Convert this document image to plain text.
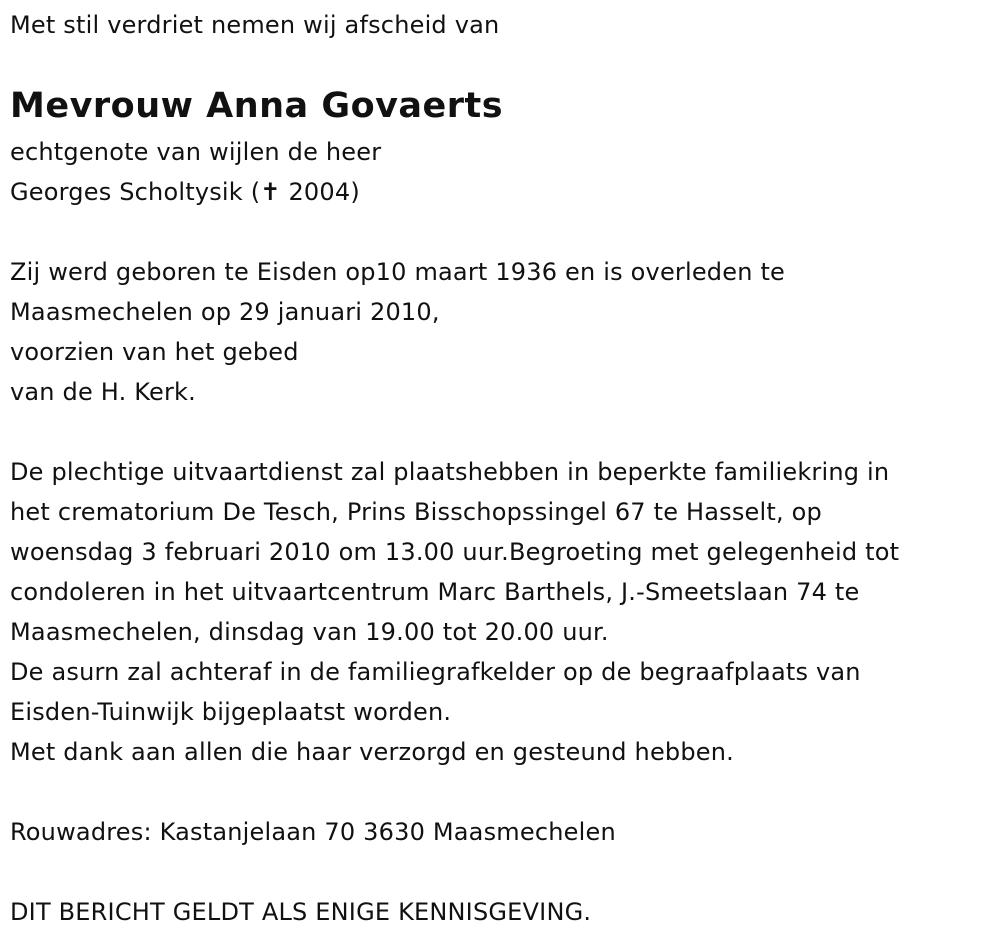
Met stil verdriet nemen wij afscheid van
Mevrouw Anna Govaerts
echtgenote van wijlen de heer
Georges Scholtysik (✝ 2004)
Zij werd geboren te Eisden op10 maart 1936 en is overleden te
Maasmechelen op 29 januari 2010,
voorzien van het gebed
van de H. Kerk.
De plechtige uitvaartdienst zal plaatshebben in beperkte familiekring in
het crematorium De Tesch, Prins Bisschopssingel 67 te Hasselt, op
woensdag 3 februari 2010 om 13.00 uur.Begroeting met gelegenheid tot
condoleren in het uitvaartcentrum Marc Barthels, J.-Smeetslaan 74 te
Maasmechelen, dinsdag van 19.00 tot 20.00 uur.
De asurn zal achteraf in de familiegrafkelder op de begraafplaats van
Eisden-Tuinwijk bijgeplaatst worden.
Met dank aan allen die haar verzorgd en gesteund hebben.
Rouwadres: Kastanjelaan 70 3630 Maasmechelen
DIT BERICHT GELDT ALS ENIGE KENNISGEVING.
